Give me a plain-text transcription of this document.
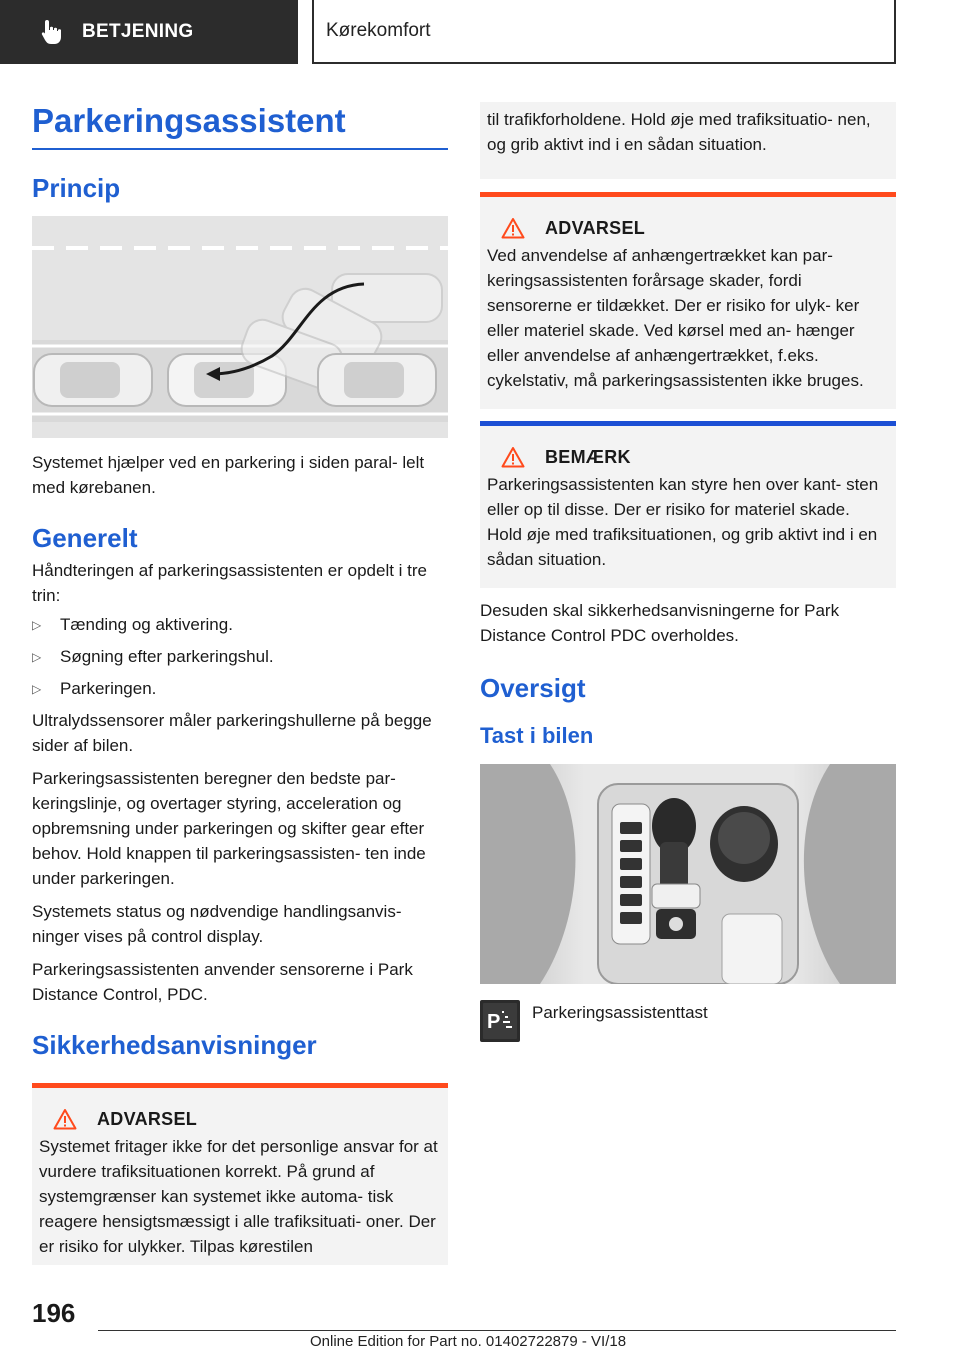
BETJENING	Kørekomfort
Parkeringsassistent
Princip

Systemet hjælper ved en parkering i siden paral‐ lelt med kørebanen.

Generelt

Håndteringen af parkeringsassistenten er opdelt i tre trin:

▷	Tænding og aktivering.
▷	Søgning efter parkeringshul.
▷	Parkeringen.

Ultralydssensorer måler parkeringshullerne på begge sider af bilen.

Parkeringsassistenten beregner den bedste par‐ keringslinje, og overtager styring, acceleration og opbremsning under parkeringen og skifter gear efter behov. Hold knappen til parkeringsassisten‐ ten inde under parkeringen.

Systemets status og nødvendige handlingsanvis‐ ninger vises på control display.

Parkeringsassistenten anvender sensorerne i Park Distance Control, PDC.

Sikkerhedsanvisninger
ADVARSEL

Systemet fritager ikke for det personlige ansvar for at vurdere trafiksituationen korrekt. På grund af systemgrænser kan systemet ikke automa‐ tisk reagere hensigtsmæssigt i alle trafiksituati‐ oner. Der er risiko for ulykker. Tilpas kørestilen

til trafikforholdene. Hold øje med trafiksituatio‐ nen, og grib aktivt ind i en sådan situation.

ADVARSEL

Ved anvendelse af anhængertrækket kan par‐ keringsassistenten forårsage skader, fordi sensorerne er tildækket. Der er risiko for ulyk‐ ker eller materiel skade. Ved kørsel med an‐ hænger eller anvendelse af anhængertrækket, f.eks. cykelstativ, må parkeringsassistenten ikke bruges.

BEMÆRK

Parkeringsassistenten kan styre hen over kant‐ sten eller op til disse. Der er risiko for materiel skade. Hold øje med trafiksituationen, og grib aktivt ind i en sådan situation.

Desuden skal sikkerhedsanvisningerne for Park Distance Control PDC overholdes.

Oversigt
Tast i bilen
P Parkeringsassistenttast
196
Online Edition for Part no. 01402722879 - VI/18
